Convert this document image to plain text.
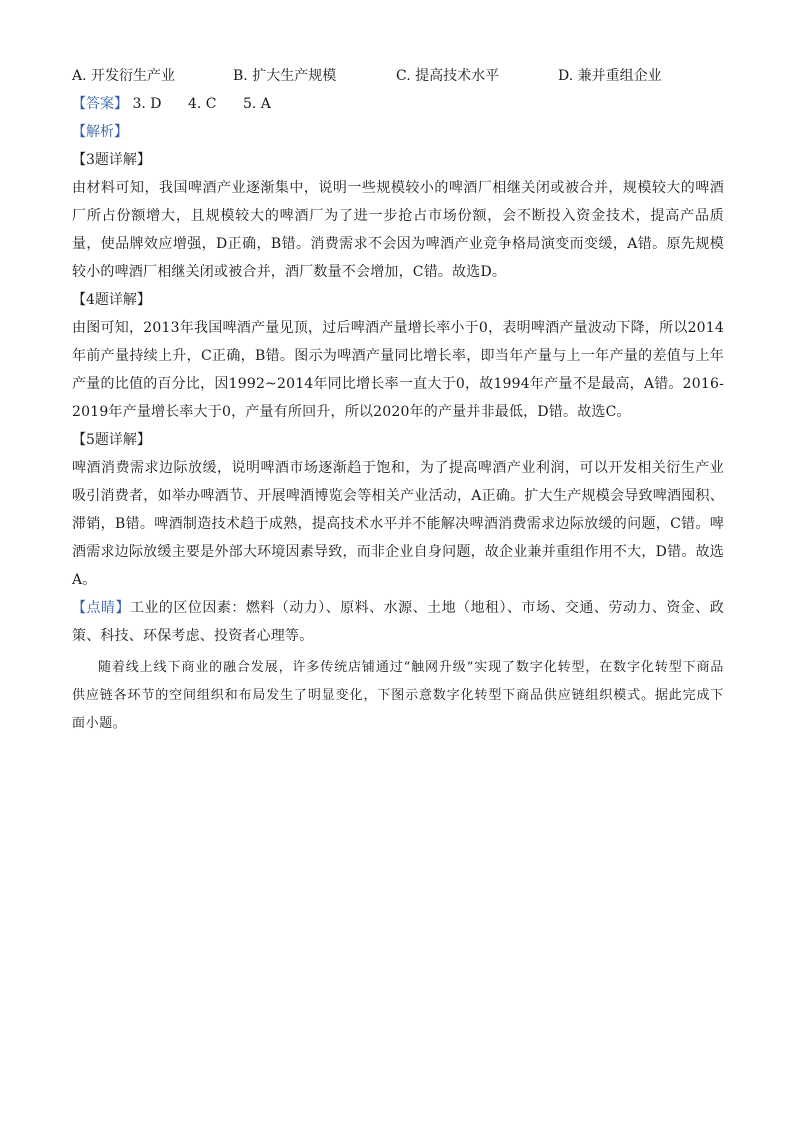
A. 开发衍生产业	B. 扩大生产规模	C. 提高技术水平	D. 兼并重组企业
【答案】 3. D 4. C 5. A
【解析】
【3题详解】
由材料可知，我国啤酒产业逐渐集中，说明一些规模较小的啤酒厂相继关闭或被合并，规模较大的啤酒厂所占份额增大，且规模较大的啤酒厂为了进一步抢占市场份额，会不断投入资金技术，提高产品质量，使品牌效应增强，D正确，B错。消费需求不会因为啤酒产业竞争格局演变而变缓，A错。原先规模较小的啤酒厂相继关闭或被合并，酒厂数量不会增加，C错。故选D。
【4题详解】
由图可知，2013年我国啤酒产量见顶，过后啤酒产量增长率小于0，表明啤酒产量波动下降，所以2014年前产量持续上升，C正确，B错。图示为啤酒产量同比增长率，即当年产量与上一年产量的差值与上年产量的比值的百分比，因1992~2014年同比增长率一直大于0，故1994年产量不是最高，A错。2016-2019年产量增长率大于0，产量有所回升，所以2020年的产量并非最低，D错。故选C。
【5题详解】
啤酒消费需求边际放缓，说明啤酒市场逐渐趋于饱和，为了提高啤酒产业利润，可以开发相关衍生产业吸引消费者，如举办啤酒节、开展啤酒博览会等相关产业活动，A正确。扩大生产规模会导致啤酒囤积、滞销，B错。啤酒制造技术趋于成熟，提高技术水平并不能解决啤酒消费需求边际放缓的问题，C错。啤酒需求边际放缓主要是外部大环境因素导致，而非企业自身问题，故企业兼并重组作用不大，D错。故选A。
【点睛】工业的区位因素：燃料（动力）、原料、水源、土地（地租）、市场、交通、劳动力、资金、政策、科技、环保考虑、投资者心理等。
随着线上线下商业的融合发展，许多传统店铺通过“触网升级”实现了数字化转型，在数字化转型下商品供应链各环节的空间组织和布局发生了明显变化，下图示意数字化转型下商品供应链组织模式。据此完成下面小题。
